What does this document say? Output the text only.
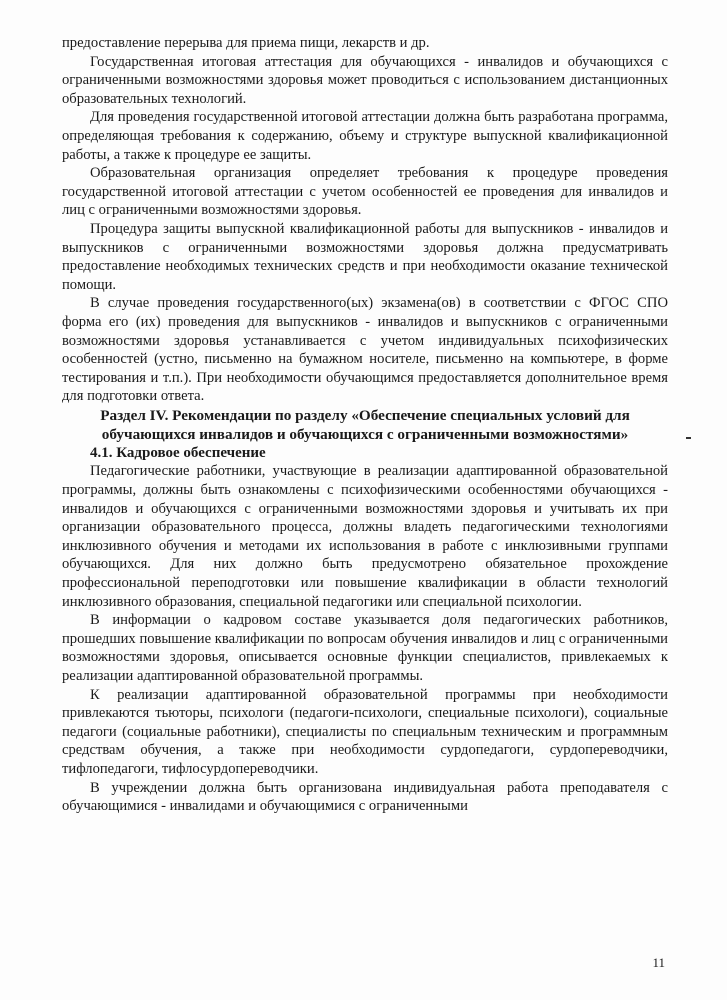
предоставление перерыва для приема пищи, лекарств и др.

Государственная итоговая аттестация для обучающихся - инвалидов и обучающихся с ограниченными возможностями здоровья может проводиться с использованием дистанционных образовательных технологий.

Для проведения государственной итоговой аттестации должна быть разработана программа, определяющая требования к содержанию, объему и структуре выпускной квалификационной работы, а также к процедуре ее защиты.

Образовательная организация определяет требования к процедуре проведения государственной итоговой аттестации с учетом особенностей ее проведения для инвалидов и лиц с ограниченными возможностями здоровья.

Процедура защиты выпускной квалификационной работы для выпускников - инвалидов и выпускников с ограниченными возможностями здоровья должна предусматривать предоставление необходимых технических средств и при необходимости оказание технической помощи.

В случае проведения государственного(ых) экзамена(ов) в соответствии с ФГОС СПО форма его (их) проведения для выпускников - инвалидов и выпускников с ограниченными возможностями здоровья устанавливается с учетом индивидуальных психофизических особенностей (устно, письменно на бумажном носителе, письменно на компьютере, в форме тестирования и т.п.). При необходимости обучающимся предоставляется дополнительное время для подготовки ответа.

Раздел IV. Рекомендации по разделу «Обеспечение специальных условий для обучающихся инвалидов и обучающихся с ограниченными возможностями»

4.1. Кадровое обеспечение

Педагогические работники, участвующие в реализации адаптированной образовательной программы, должны быть ознакомлены с психофизическими особенностями обучающихся - инвалидов и обучающихся с ограниченными возможностями здоровья и учитывать их при организации образовательного процесса, должны владеть педагогическими технологиями инклюзивного обучения и методами их использования в работе с инклюзивными группами обучающихся. Для них должно быть предусмотрено обязательное прохождение профессиональной переподготовки или повышение квалификации в области технологий инклюзивного образования, специальной педагогики или специальной психологии.

В информации о кадровом составе указывается доля педагогических работников, прошедших повышение квалификации по вопросам обучения инвалидов и лиц с ограниченными возможностями здоровья, описывается основные функции специалистов, привлекаемых к реализации адаптированной образовательной программы.

К реализации адаптированной образовательной программы при необходимости привлекаются тьюторы, психологи (педагоги-психологи, специальные психологи), социальные педагоги (социальные работники), специалисты по специальным техническим и программным средствам обучения, а также при необходимости сурдопедагоги, сурдопереводчики, тифлопедагоги, тифлосурдопереводчики.

В учреждении должна быть организована индивидуальная работа преподавателя с обучающимися - инвалидами и обучающимися с ограниченными

11
